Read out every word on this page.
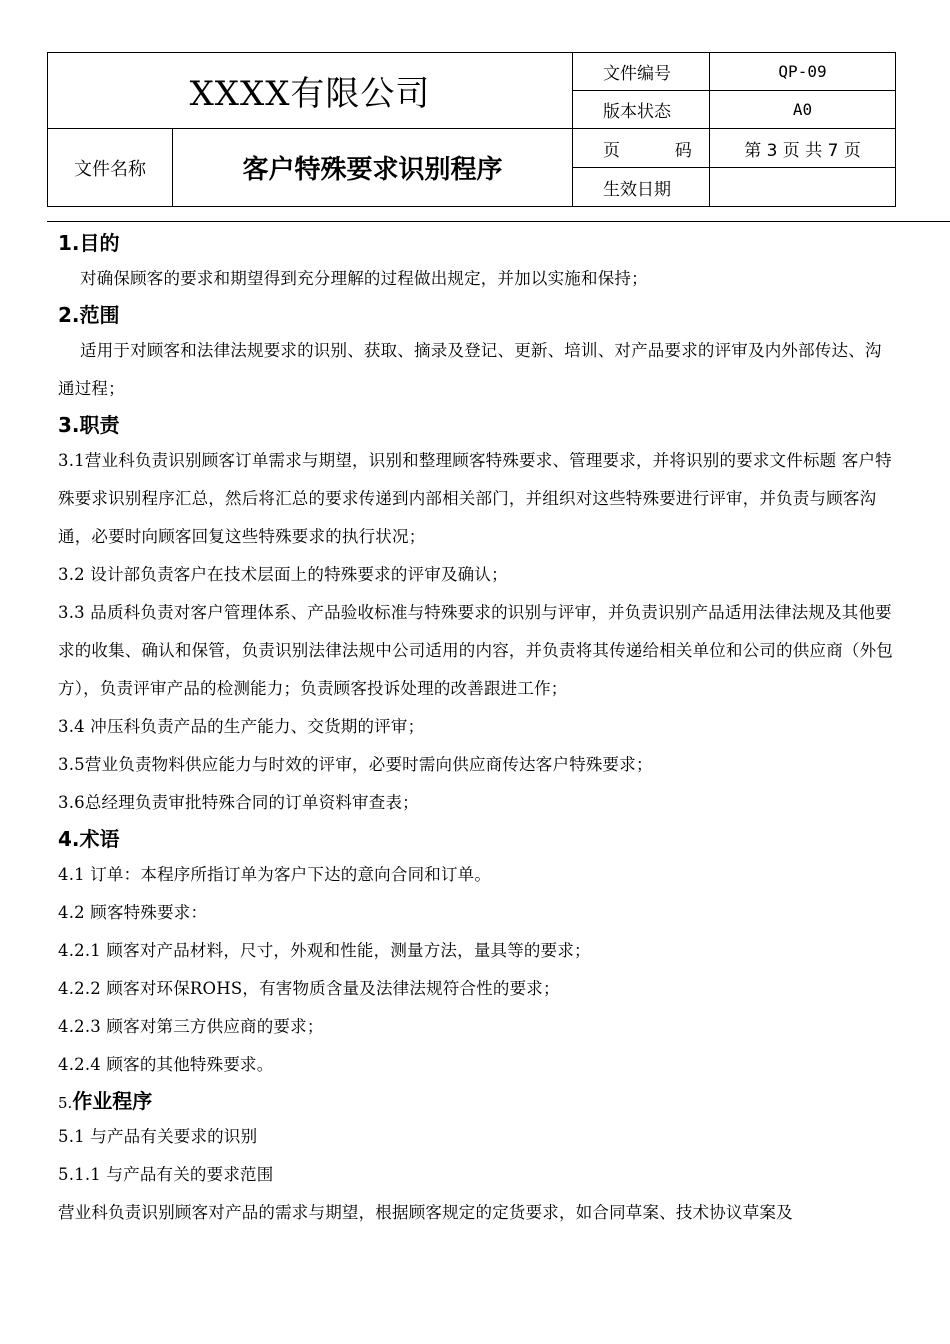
XXXX有限公司		文件编号	QP-09
		版本状态	A0
文件名称	客户特殊要求识别程序	页 码	第 3 页 共 7 页
		生效日期	
1.目的

对确保顾客的要求和期望得到充分理解的过程做出规定，并加以实施和保持；

2.范围

适用于对顾客和法律法规要求的识别、获取、摘录及登记、更新、培训、对产品要求的评审及内外部传达、沟通过程；

3.职责

3.1营业科负责识别顾客订单需求与期望，识别和整理顾客特殊要求、管理要求，并将识别的要求文件标题 客户特殊要求识别程序汇总，然后将汇总的要求传递到内部相关部门，并组织对这些特殊要进行评审，并负责与顾客沟通，必要时向顾客回复这些特殊要求的执行状况；

3.2 设计部负责客户在技术层面上的特殊要求的评审及确认；

3.3 品质科负责对客户管理体系、产品验收标准与特殊要求的识别与评审，并负责识别产品适用法律法规及其他要求的收集、确认和保管，负责识别法律法规中公司适用的内容，并负责将其传递给相关单位和公司的供应商（外包方），负责评审产品的检测能力；负责顾客投诉处理的改善跟进工作；

3.4 冲压科负责产品的生产能力、交货期的评审；

3.5营业负责物料供应能力与时效的评审，必要时需向供应商传达客户特殊要求；

3.6总经理负责审批特殊合同的订单资料审查表；

4.术语

4.1 订单：本程序所指订单为客户下达的意向合同和订单。

4.2 顾客特殊要求：

4.2.1 顾客对产品材料，尺寸，外观和性能，测量方法，量具等的要求；

4.2.2 顾客对环保ROHS，有害物质含量及法律法规符合性的要求；

4.2.3 顾客对第三方供应商的要求；

4.2.4 顾客的其他特殊要求。

5.作业程序

5.1 与产品有关要求的识别

5.1.1 与产品有关的要求范围

营业科负责识别顾客对产品的需求与期望，根据顾客规定的定货要求，如合同草案、技术协议草案及
